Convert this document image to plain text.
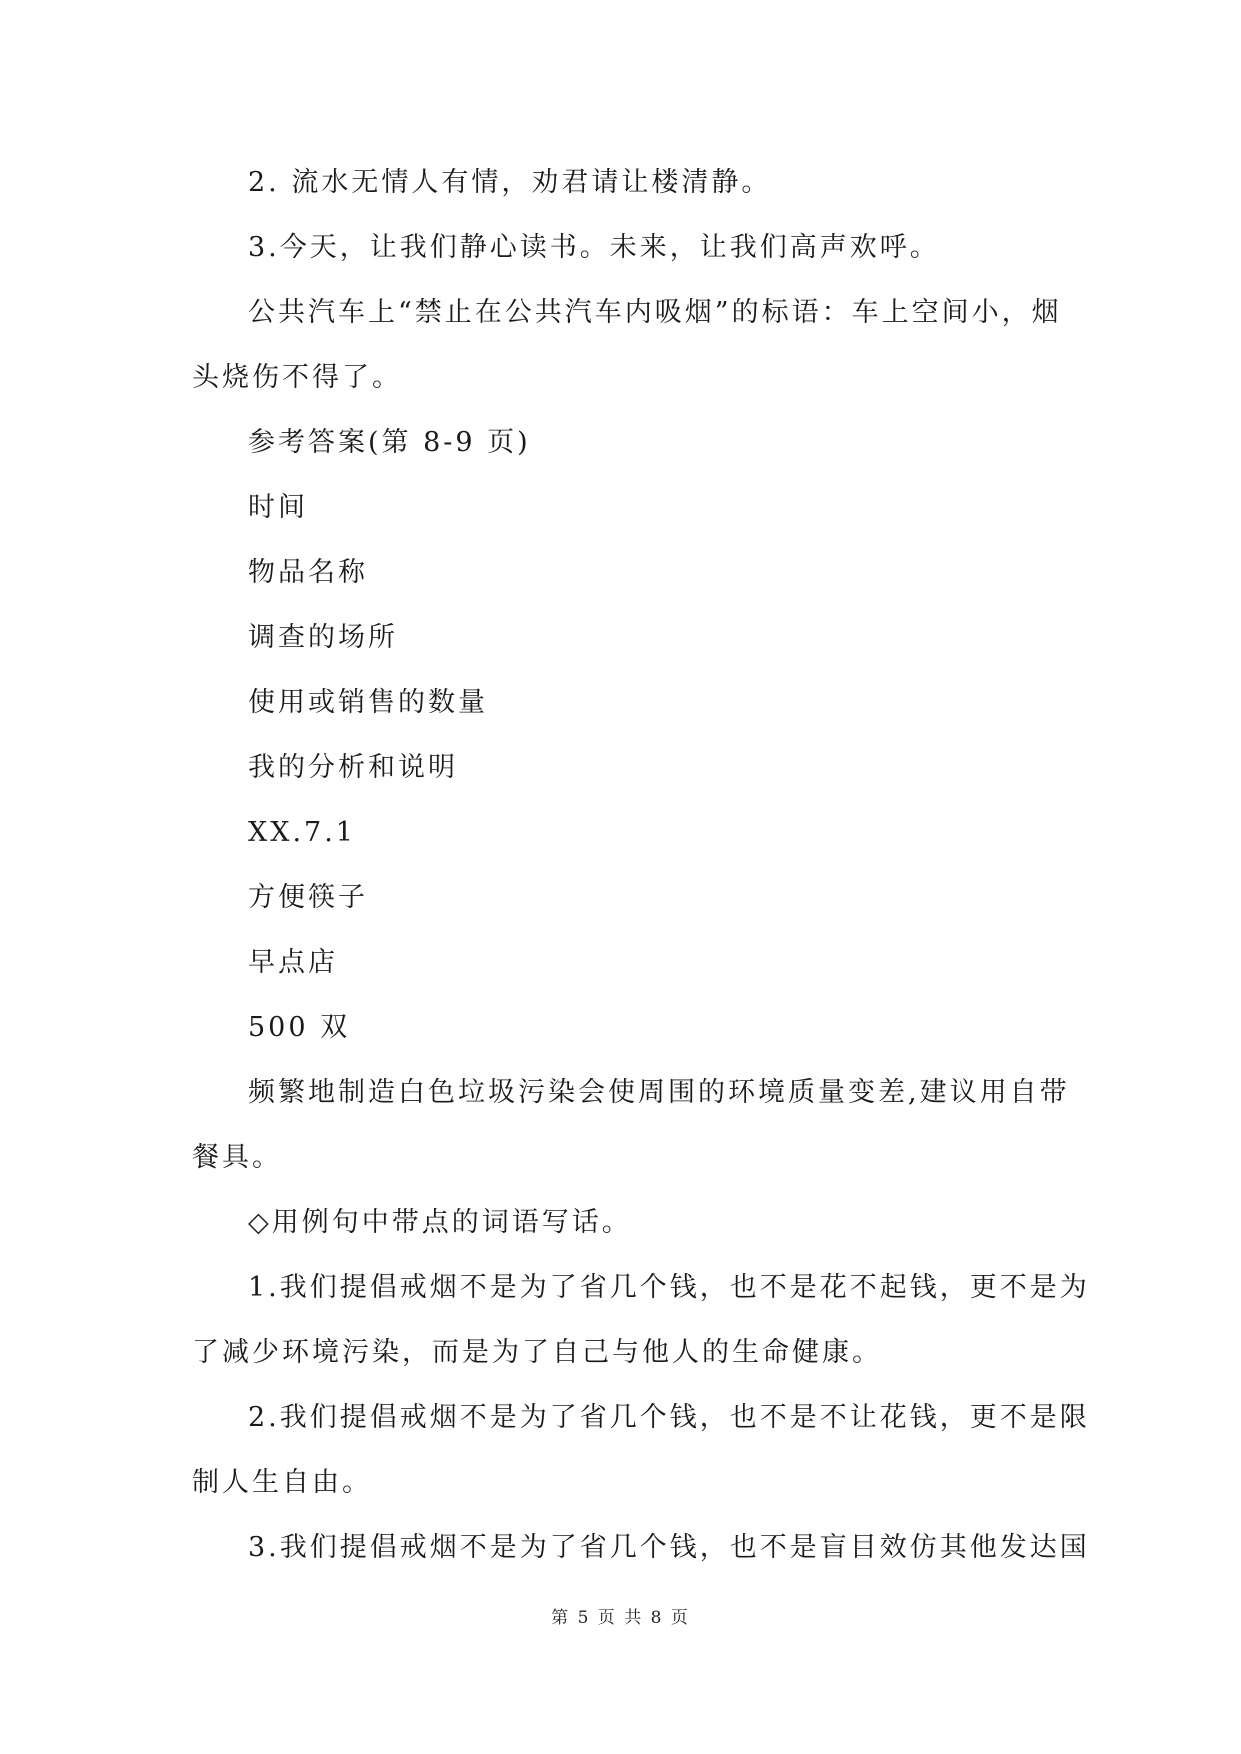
2. 流水无情人有情，劝君请让楼清静。
3.今天，让我们静心读书。未来，让我们高声欢呼。
公共汽车上“禁止在公共汽车内吸烟”的标语：车上空间小，烟
头烧伤不得了。
参考答案(第 8-9 页)
时间
物品名称
调查的场所
使用或销售的数量
我的分析和说明
XX.7.1
方便筷子
早点店
500 双
频繁地制造白色垃圾污染会使周围的环境质量变差,建议用自带
餐具。
◇用例句中带点的词语写话。
1.我们提倡戒烟不是为了省几个钱，也不是花不起钱，更不是为
了减少环境污染，而是为了自己与他人的生命健康。
2.我们提倡戒烟不是为了省几个钱，也不是不让花钱，更不是限
制人生自由。
3.我们提倡戒烟不是为了省几个钱，也不是盲目效仿其他发达国
第 5 页 共 8 页
